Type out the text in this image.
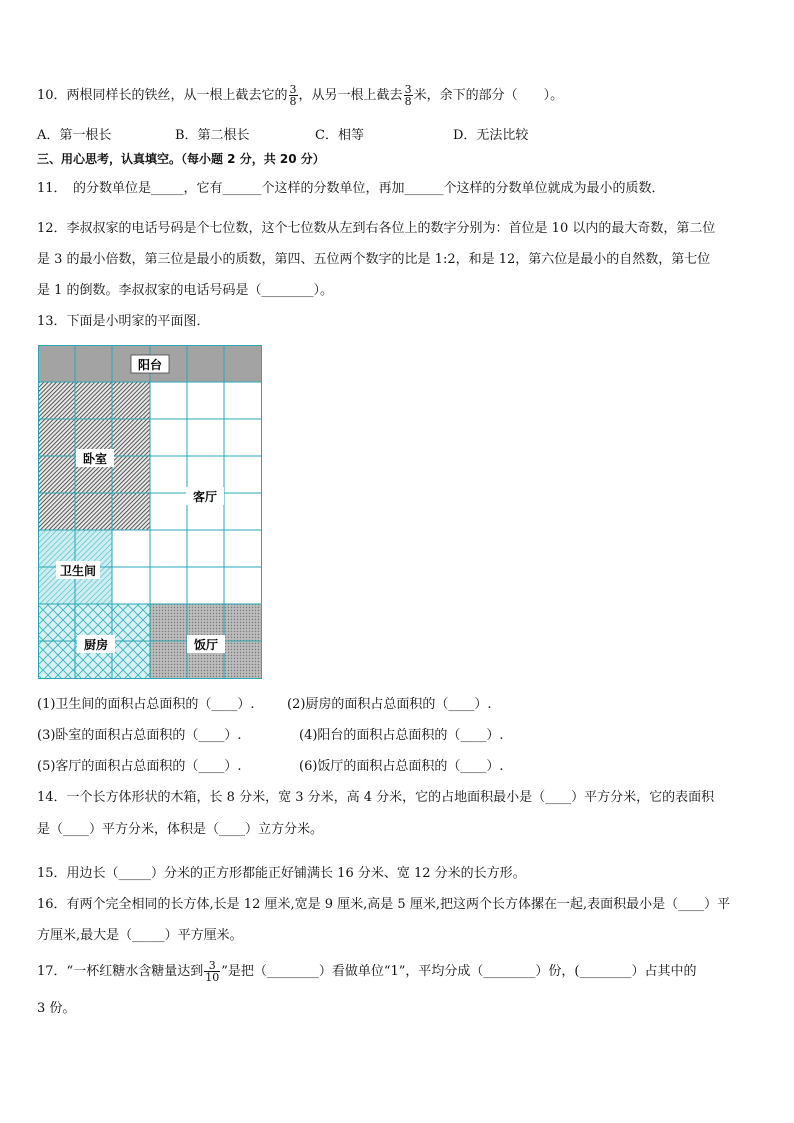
10．两根同样长的铁丝，从一根上截去它的 $\frac{3}{8}$ ，从另一根上截去 $\frac{3}{8}$ 米，余下的部分（　　）。
A．第一根长	B．第二根长	C．相等	D．无法比较
三、用心思考，认真填空。（每小题 2 分，共 20 分）
11．　的分数单位是_____，它有______个这样的分数单位，再加______个这样的分数单位就成为最小的质数．
12．李叔叔家的电话号码是个七位数，这个七位数从左到右各位上的数字分别为：首位是 10 以内的最大奇数，第二位
是 3 的最小倍数，第三位是最小的质数，第四、五位两个数字的比是 1:2，和是 12，第六位是最小的自然数，第七位
是 1 的倒数。李叔叔家的电话号码是（________）。
13．下面是小明家的平面图．
阳台
卧室
客厅
卫生间
厨房	饭厅
(1)卫生间的面积占总面积的（____）. (2)厨房的面积占总面积的（____）.
(3)卧室的面积占总面积的（____）.	(4)阳台的面积占总面积的（____）.
(5)客厅的面积占总面积的（____）.	(6)饭厅的面积占总面积的（____）.
14．一个长方体形状的木箱，长 8 分米，宽 3 分米，高 4 分米，它的占地面积最小是（____）平方分米，它的表面积
是（____）平方分米，体积是（____）立方分米。
15．用边长（_____）分米的正方形都能正好铺满长 16 分米、宽 12 分米的长方形。
16．有两个完全相同的长方体,长是 12 厘米,宽是 9 厘米,高是 5 厘米,把这两个长方体摞在一起,表面积最小是（____）平
方厘米,最大是（_____）平方厘米。
17．“一杯红糖水含糖量达到 $\frac{3}{10}$ ”是把（________）看做单位“1”，平均分成（________）份，(________）占其中的
3 份。
